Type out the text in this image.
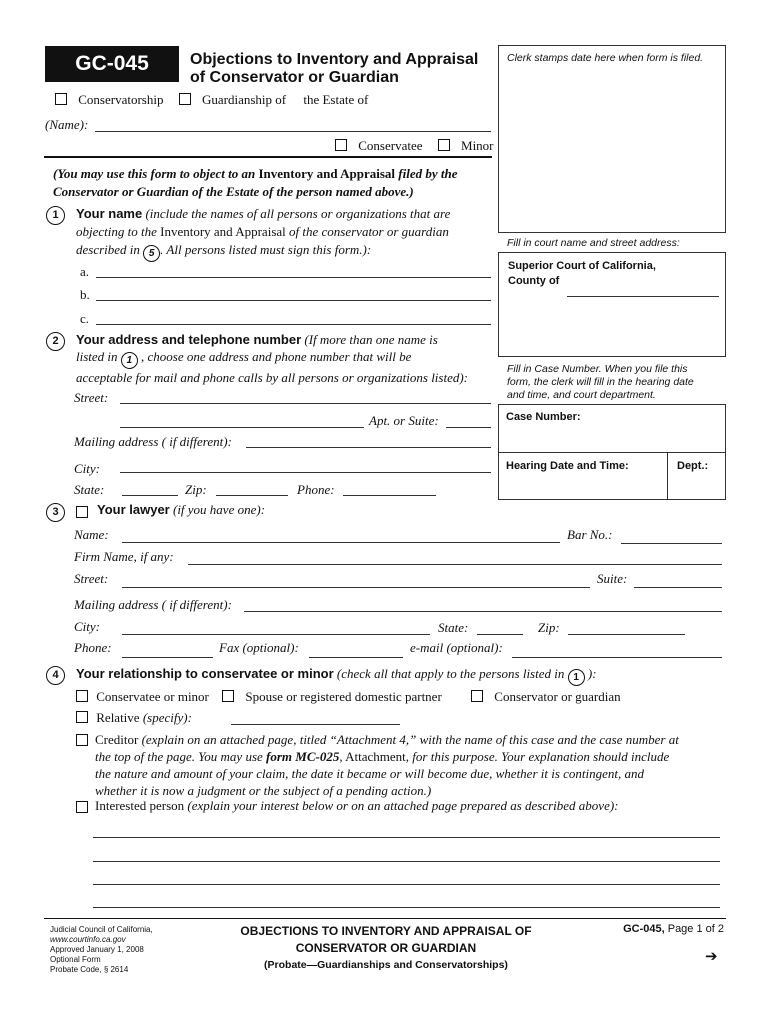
GC-045	Objections to Inventory and Appraisal
of Conservator or Guardian
Conservatorship	Guardianship of the Estate of
(Name):
Conservatee	Minor
(You may use this form to object to an Inventory and Appraisal filed by the
Conservator or Guardian of the Estate of the person named above.)
Clerk stamps date here when form is filed.
Fill in court name and street address:
Superior Court of California,
County of
Fill in Case Number. When you file this
form, the clerk will fill in the hearing date
and time, and court department.
Case Number:
Hearing Date and Time:	Dept.:
1	Your name (include the names of all persons or organizations that are
objecting to the Inventory and Appraisal of the conservator or guardian
described in 5 . All persons listed must sign this form.):
a.
b.
c.
2	Your address and telephone number (If more than one name is
listed in 1 , choose one address and phone number that will be
acceptable for mail and phone calls by all persons or organizations listed):
Street:
Apt. or Suite:
Mailing address ( if different):
City:
State:	Zip:	Phone:
3	Your lawyer (if you have one):
Name:	Bar No.:
Firm Name, if any:
Street:	Suite:
Mailing address ( if different):
City:	State:	Zip:
Phone:	Fax (optional):	e-mail (optional):
4	Your relationship to conservatee or minor (check all that apply to the persons listed in 1 ):
Conservatee or minor	Spouse or registered domestic partner	Conservator or guardian
Relative (specify):
Creditor (explain on an attached page, titled “Attachment 4,” with the name of this case and the case number at
the top of the page. You may use form MC-025, Attachment, for this purpose. Your explanation should include
the nature and amount of your claim, the date it became or will become due, whether it is contingent, and
whether it is now a judgment or the subject of a pending action.)
Interested person (explain your interest below or on an attached page prepared as described above):
Judicial Council of California,
www.courtinfo.ca.gov
Approved January 1, 2008
Optional Form
Probate Code, § 2614
OBJECTIONS TO INVENTORY AND APPRAISAL OF
CONSERVATOR OR GUARDIAN
(Probate—Guardianships and Conservatorships)
GC-045, Page 1 of 2
➔
